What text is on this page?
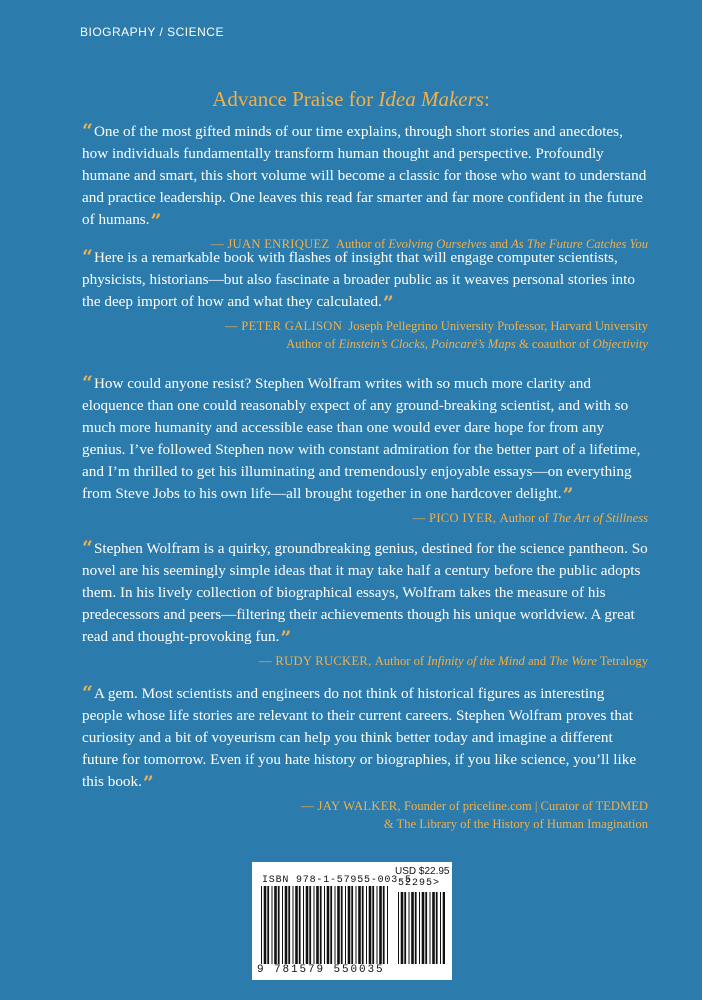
BIOGRAPHY / SCIENCE
Advance Praise for Idea Makers:

“One of the most gifted minds of our time explains, through short stories and anecdotes, how individuals fundamentally transform human thought and perspective. Profoundly humane and smart, this short volume will become a classic for those who want to understand and practice leadership. One leaves this read far smarter and far more confident in the future of humans.”

— JUAN ENRIQUEZ Author of Evolving Ourselves and As The Future Catches You

“Here is a remarkable book with flashes of insight that will engage computer scientists, physicists, historians—but also fascinate a broader public as it weaves personal stories into the deep import of how and what they calculated.”

— PETER GALISON Joseph Pellegrino University Professor, Harvard University
Author of Einstein’s Clocks, Poincaré’s Maps & coauthor of Objectivity

“How could anyone resist? Stephen Wolfram writes with so much more clarity and eloquence than one could reasonably expect of any ground-breaking scientist, and with so much more humanity and accessible ease than one would ever dare hope for from any genius. I’ve followed Stephen now with constant admiration for the better part of a lifetime, and I’m thrilled to get his illuminating and tremendously enjoyable essays—on everything from Steve Jobs to his own life—all brought together in one hardcover delight.”

— PICO IYER, Author of The Art of Stillness

“Stephen Wolfram is a quirky, groundbreaking genius, destined for the science pantheon. So novel are his seemingly simple ideas that it may take half a century before the public adopts them. In his lively collection of biographical essays, Wolfram takes the measure of his predecessors and peers—filtering their achievements though his unique worldview. A great read and thought-provoking fun.”

— RUDY RUCKER, Author of Infinity of the Mind and The Ware Tetralogy

“A gem. Most scientists and engineers do not think of historical figures as interesting people whose life stories are relevant to their current careers. Stephen Wolfram proves that curiosity and a bit of voyeurism can help you think better today and imagine a different future for tomorrow. Even if you hate history or biographies, if you like science, you’ll like this book.”

— JAY WALKER, Founder of priceline.com | Curator of TEDMED
& The Library of the History of Human Imagination
USD $22.95
ISBN 978-1-57955-003-5
52295>
9 781579 550035
